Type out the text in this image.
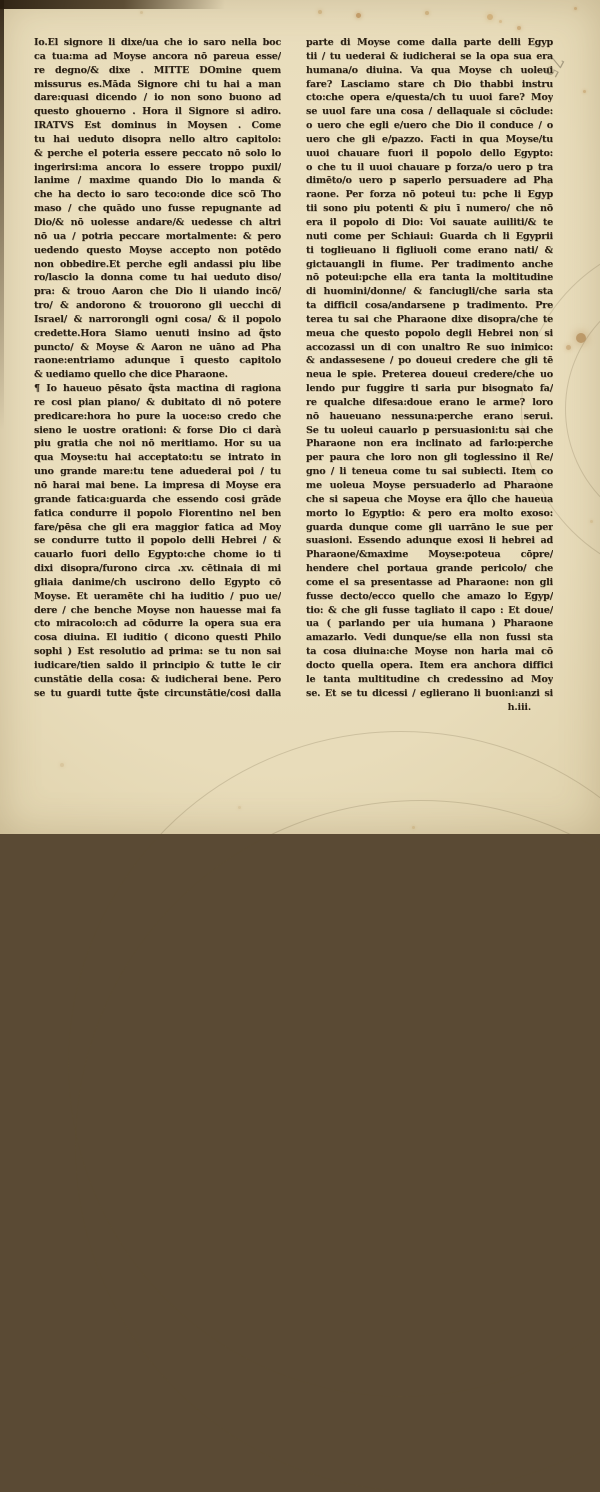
Io.El signore li dixe/ua che io saro nella boc
ca tua:ma ad Moyse ancora nō pareua esse/
re degno/& dixe . MITTE DOmine quem
missurus es.Māda Signore chi tu hai a man
dare:quasi dicendo / io non sono buono ad
questo ghouerno . Hora il Signore si adiro.
IRATVS Est dominus in Moysen . Come
tu hai ueduto disopra nello altro capitolo:
& perche el poteria essere peccato nō solo lo
ingerirsi:ma ancora lo essere troppo puxil/
lanime / maxime quando Dio lo manda &
che ha decto io saro teco:onde dice scō Tho
maso / che quādo uno fusse repugnante ad
Dio/& nō uolesse andare/& uedesse ch altri
nō ua / potria peccare mortalmente: & pero
uedendo questo Moyse accepto non potēdo
non obbedire.Et perche egli andassi piu libe
ro/lascio la donna come tu hai ueduto diso/
pra: & trouo Aaron che Dio li uiando incō/
tro/ & andorono & trouorono gli uecchi di
Israel/ & narrorongli ogni cosa/ & il popolo
credette.Hora Siamo uenuti insino ad q̃sto
puncto/ & Moyse & Aaron ne uāno ad Pha
raone:entriamo adunque ī questo capitolo
& uediamo quello che dice Pharaone.
¶ Io haueuo pēsato q̃sta mactina di ragiona
re cosi pian piano/ & dubitato di nō potere
predicare:hora ho pure la uoce:so credo che
sieno le uostre orationi: & forse Dio ci darà
piu gratia che noi nō meritiamo. Hor su ua
qua Moyse:tu hai acceptato:tu se intrato in
uno grande mare:tu tene aduederai poi / tu
nō harai mai bene. La impresa di Moyse era
grande fatica:guarda che essendo cosi grāde
fatica condurre il popolo Fiorentino nel ben
fare/pēsa che gli era maggior fatica ad Moy
se condurre tutto il popolo delli Hebrei / &
cauarlo fuori dello Egypto:che chome io ti
dixi disopra/furono circa .xv. cētinaia di mi
gliaia danime/ch uscirono dello Egypto cō
Moyse. Et ueramēte chi ha iuditio / puo ue/
dere / che benche Moyse non hauesse mai fa
cto miracolo:ch ad cōdurre la opera sua era
cosa diuina. El iuditio ( dicono questi Philo
sophi ) Est resolutio ad prima: se tu non sai
iudicare/tien saldo il principio & tutte le cir
cunstātie della cosa: & iudicherai bene. Pero
se tu guardi tutte q̃ste circunstātie/cosi dalla
parte di Moyse come dalla parte delli Egyp
tii / tu uederai & iudicherai se la opa sua era
humana/o diuina. Va qua Moyse ch uoleui
fare? Lasciamo stare ch Dio thabbi instru
cto:che opera e/questa/ch tu uuoi fare? Moy
se uuol fare una cosa / dellaquale si cōclude:
o uero che egli e/uero che Dio il conduce / o
uero che gli e/pazzo. Facti in qua Moyse/tu
uuoi chauare fuori il popolo dello Egypto:
o che tu il uuoi chauare p forza/o uero p tra
dimēto/o uero p saperlo persuadere ad Pha
raone. Per forza nō poteui tu: pche li Egyp
tii sono piu potenti & piu ī numero/ che nō
era il popolo di Dio: Voi sauate auiliti/& te
nuti come per Schiaui: Guarda ch li Egyprii
ti toglieuano li figliuoli come erano nati/ &
gictauangli in fiume. Per tradimento anche
nō poteui:pche ella era tanta la moltitudine
di huomini/donne/ & fanciugli/che saria sta
ta difficil cosa/andarsene p tradimento. Pre
terea tu sai che Pharaone dixe disopra/che te
meua che questo popolo degli Hebrei non si
accozassi un di con unaltro Re suo inimico:
& andassesene / po doueui credere che gli tē
neua le spie. Preterea doueui credere/che uo
lendo pur fuggire ti saria pur bisognato fa/
re qualche difesa:doue erano le arme? loro
nō haueuano nessuna:perche erano serui.
Se tu uoleui cauarlo p persuasioni:tu sai che
Pharaone non era inclinato ad farlo:perche
per paura che loro non gli toglessino il Re/
gno / li teneua come tu sai subiecti. Item co
me uoleua Moyse persuaderlo ad Pharaone
che si sapeua che Moyse era q̃llo che haueua
morto lo Egyptio: & pero era molto exoso:
guarda dunque come gli uarrāno le sue per
suasioni. Essendo adunque exosi li hebrei ad
Pharaone/&maxime Moyse:poteua cōpre/
hendere chel portaua grande pericolo/ che
come el sa presentasse ad Pharaone: non gli
fusse decto/ecco quello che amazo lo Egyp/
tio: & che gli fusse tagliato il capo : Et doue/
ua ( parlando per uia humana ) Pharaone
amazarlo. Vedi dunque/se ella non fussi sta
ta cosa diuina:che Moyse non haria mai cō
docto quella opera. Item era anchora diffici
le tanta multitudine ch credessino ad Moy
se. Et se tu dicessi / eglierano li buoni:anzi si
h.iii.
75
